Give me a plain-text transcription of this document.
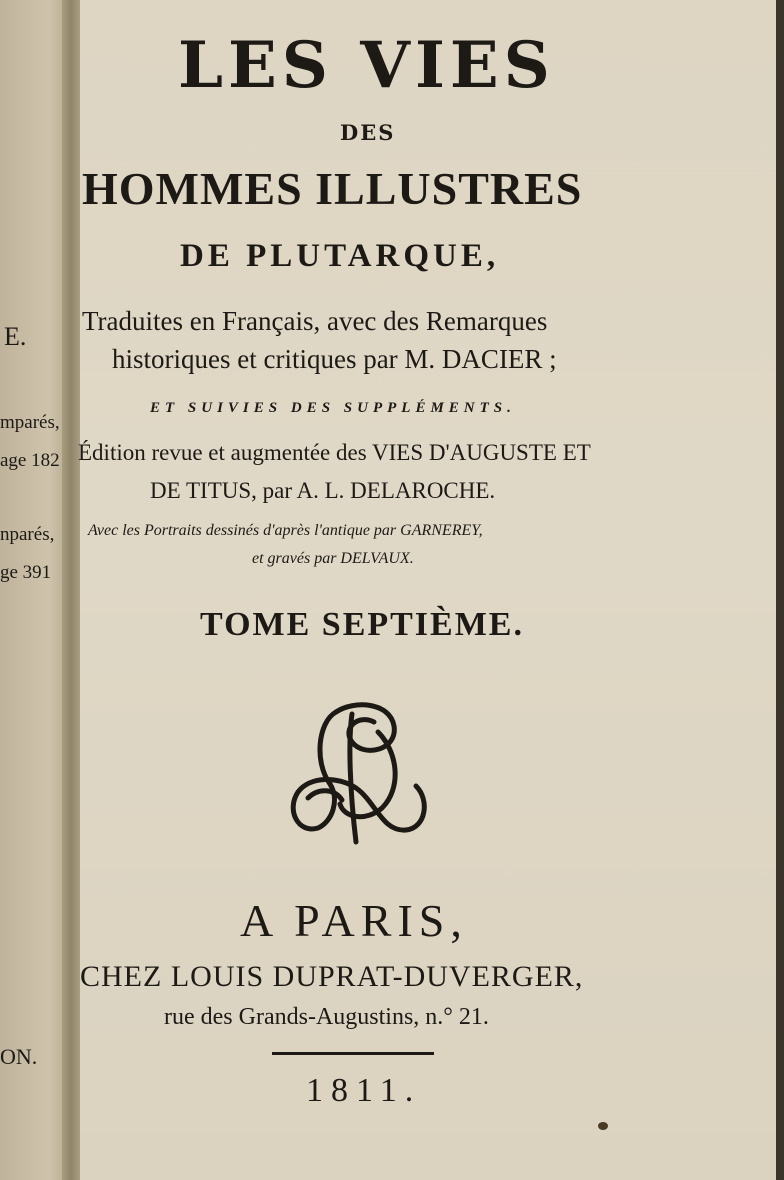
E.
mparés,
age 182
nparés,
ge 391
ON.
LES VIES
DES
HOMMES ILLUSTRES
DE PLUTARQUE,
Traduites en Français, avec des Remarques
historiques et critiques par M. DACIER ;
ET SUIVIES DES SUPPLÉMENTS.
Édition revue et augmentée des VIES D'AUGUSTE ET
DE TITUS, par A. L. DELAROCHE.
Avec les Portraits dessinés d'après l'antique par GARNEREY,
et gravés par DELVAUX.
TOME SEPTIÈME.
A PARIS,
CHEZ LOUIS DUPRAT-DUVERGER,
rue des Grands-Augustins, n.° 21.
1811.
